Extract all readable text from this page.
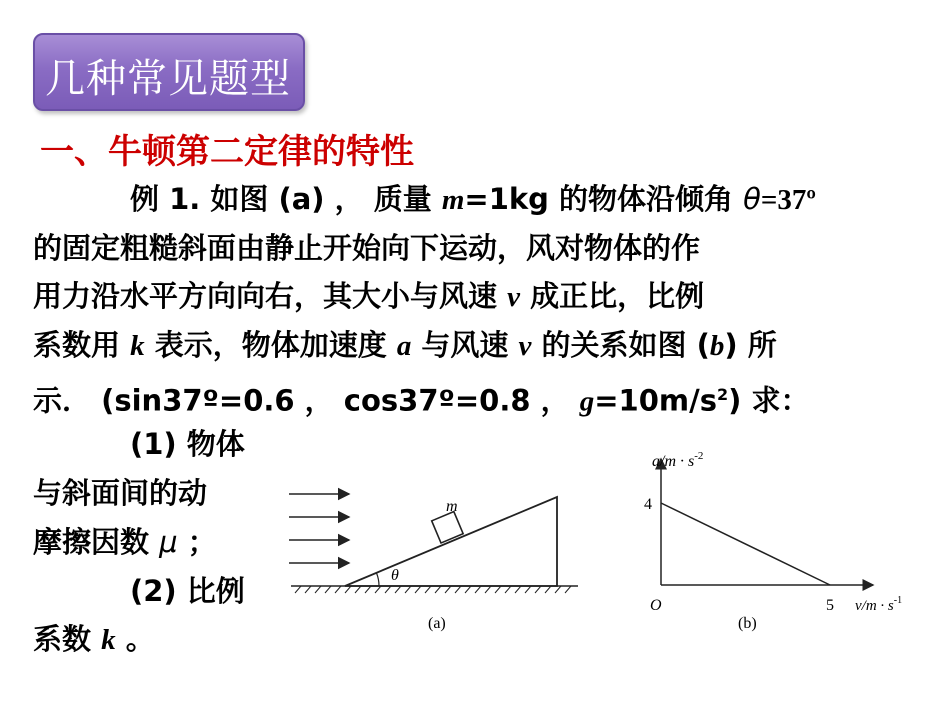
几种常见题型
一、牛顿第二定律的特性
例 1. 如图 (a) ， 质量 m=1kg 的物体沿倾角 θ=37º
的固定粗糙斜面由静止开始向下运动，风对物体的作
用力沿水平方向向右，其大小与风速 v 成正比，比例
系数用 k 表示，物体加速度 a 与风速 v 的关系如图 (b) 所
示． (sin37º=0.6 ， cos37º=0.8 ， $g=10m/s^2$) 求：
(1) 物体
与斜面间的动
摩擦因数 μ ；
(2) 比例
系数 k 。
θ
m
(a)
$a/m \cdot s^{-2}$
$v/m \cdot s^{-1}$
O
4
5
(b)
